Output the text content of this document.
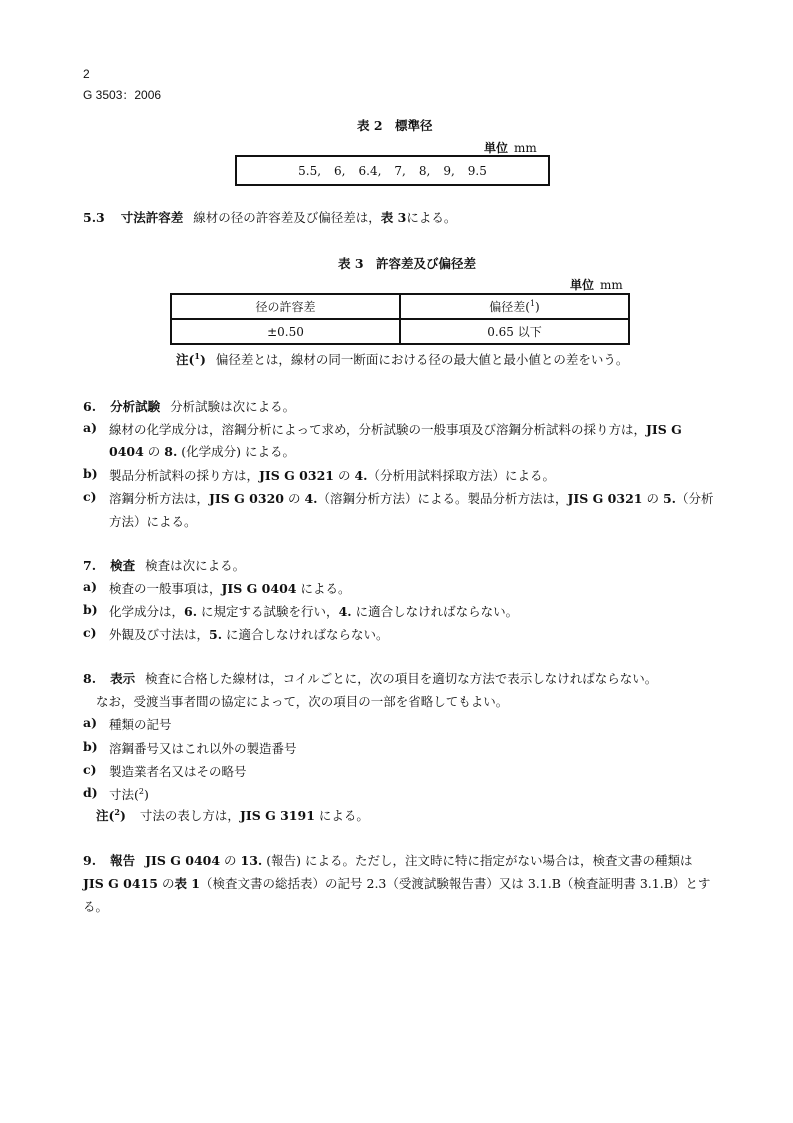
2
G 3503：2006
表 2　標準径
単位 mm
5.5, 6, 6.4, 7, 8, 9, 9.5
5.3 寸法許容差 線材の径の許容差及び偏径差は，表 3による。
表 3　許容差及び偏径差
単位 mm
径の許容差	偏径差($^1$)
±0.50	0.65 以下
注($^1$) 偏径差とは，線材の同一断面における径の最大値と最小値との差をいう。
6. 分析試験 分析試験は次による。
a) 線材の化学成分は，溶鋼分析によって求め，分析試験の一般事項及び溶鋼分析試料の採り方は，JIS G
0404 の 8. (化学成分) による。
b) 製品分析試料の採り方は，JIS G 0321 の 4.（分析用試料採取方法）による。
c) 溶鋼分析方法は，JIS G 0320 の 4.（溶鋼分析方法）による。製品分析方法は，JIS G 0321 の 5.（分析
方法）による。
7. 検査 検査は次による。
a) 検査の一般事項は，JIS G 0404 による。
b) 化学成分は，6. に規定する試験を行い，4. に適合しなければならない。
c) 外観及び寸法は，5. に適合しなければならない。
8. 表示 検査に合格した線材は，コイルごとに，次の項目を適切な方法で表示しなければならない。
なお，受渡当事者間の協定によって，次の項目の一部を省略してもよい。
a) 種類の記号
b) 溶鋼番号又はこれ以外の製造番号
c) 製造業者名又はその略号
d) 寸法($^2$)
注($^2$) 寸法の表し方は，JIS G 3191 による。
9. 報告 JIS G 0404 の 13. (報告) による。ただし，注文時に特に指定がない場合は，検査文書の種類は
JIS G 0415 の表 1（検査文書の総括表）の記号 2.3（受渡試験報告書）又は 3.1.B（検査証明書 3.1.B）とす
る。
